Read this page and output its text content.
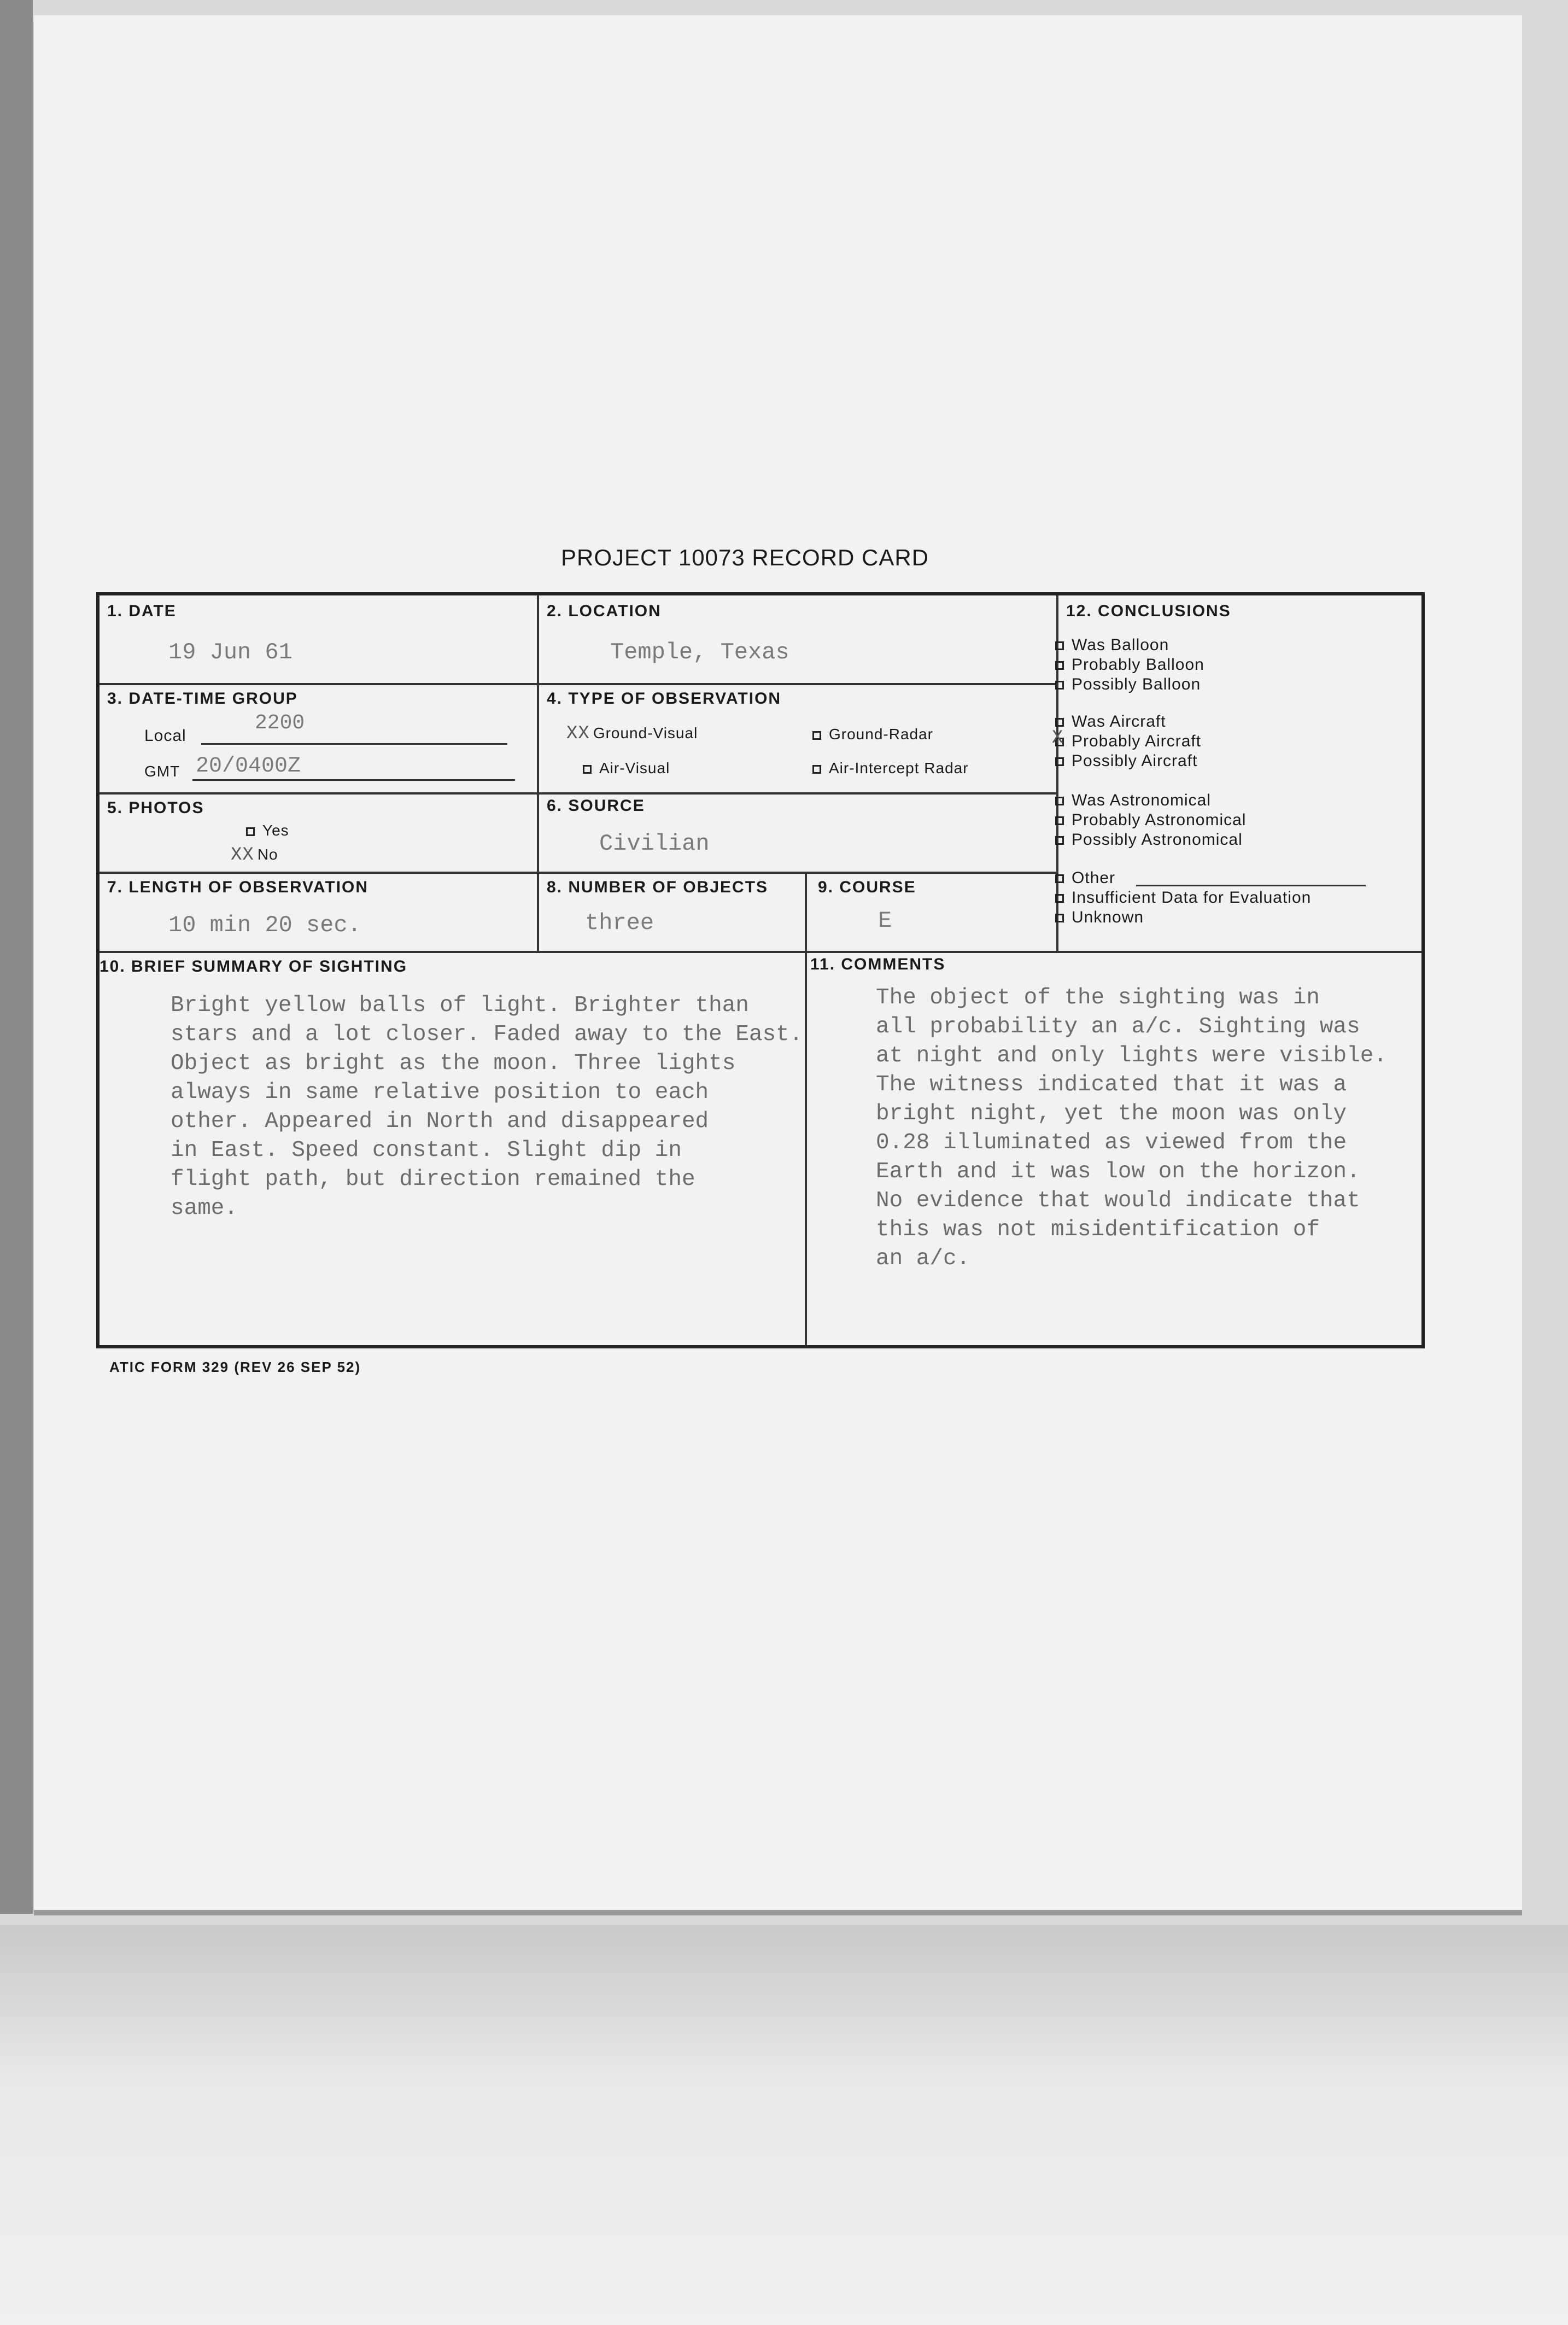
PROJECT 10073 RECORD CARD
1. DATE
19 Jun 61
2. LOCATION
Temple, Texas
3. DATE-TIME GROUP
Local
2200
GMT 20/0400Z
4. TYPE OF OBSERVATION
XX Ground-Visual	Ground-Radar
Air-Visual	Air-Intercept Radar
5. PHOTOS
Yes
XX No
6. SOURCE
Civilian
7. LENGTH OF OBSERVATION
10 min 20 sec.
8. NUMBER OF OBJECTS
three
9. COURSE
E
12. CONCLUSIONS
10. BRIEF SUMMARY OF SIGHTING
Bright yellow balls of light. Brighter than
stars and a lot closer. Faded away to the East.
Object as bright as the moon. Three lights
always in same relative position to each
other. Appeared in North and disappeared
in East. Speed constant. Slight dip in
flight path, but direction remained the
same.
11. COMMENTS
The object of the sighting was in
all probability an a/c. Sighting was
at night and only lights were visible.
The witness indicated that it was a
bright night, yet the moon was only
0.28 illuminated as viewed from the
Earth and it was low on the horizon.
No evidence that would indicate that
this was not misidentification of
an a/c.
Was Balloon
Probably Balloon
Possibly Balloon
Was Aircraft
X Probably Aircraft
Possibly Aircraft
Was Astronomical
Probably Astronomical
Possibly Astronomical
Other
Insufficient Data for Evaluation
Unknown
ATIC FORM 329 (REV 26 SEP 52)
